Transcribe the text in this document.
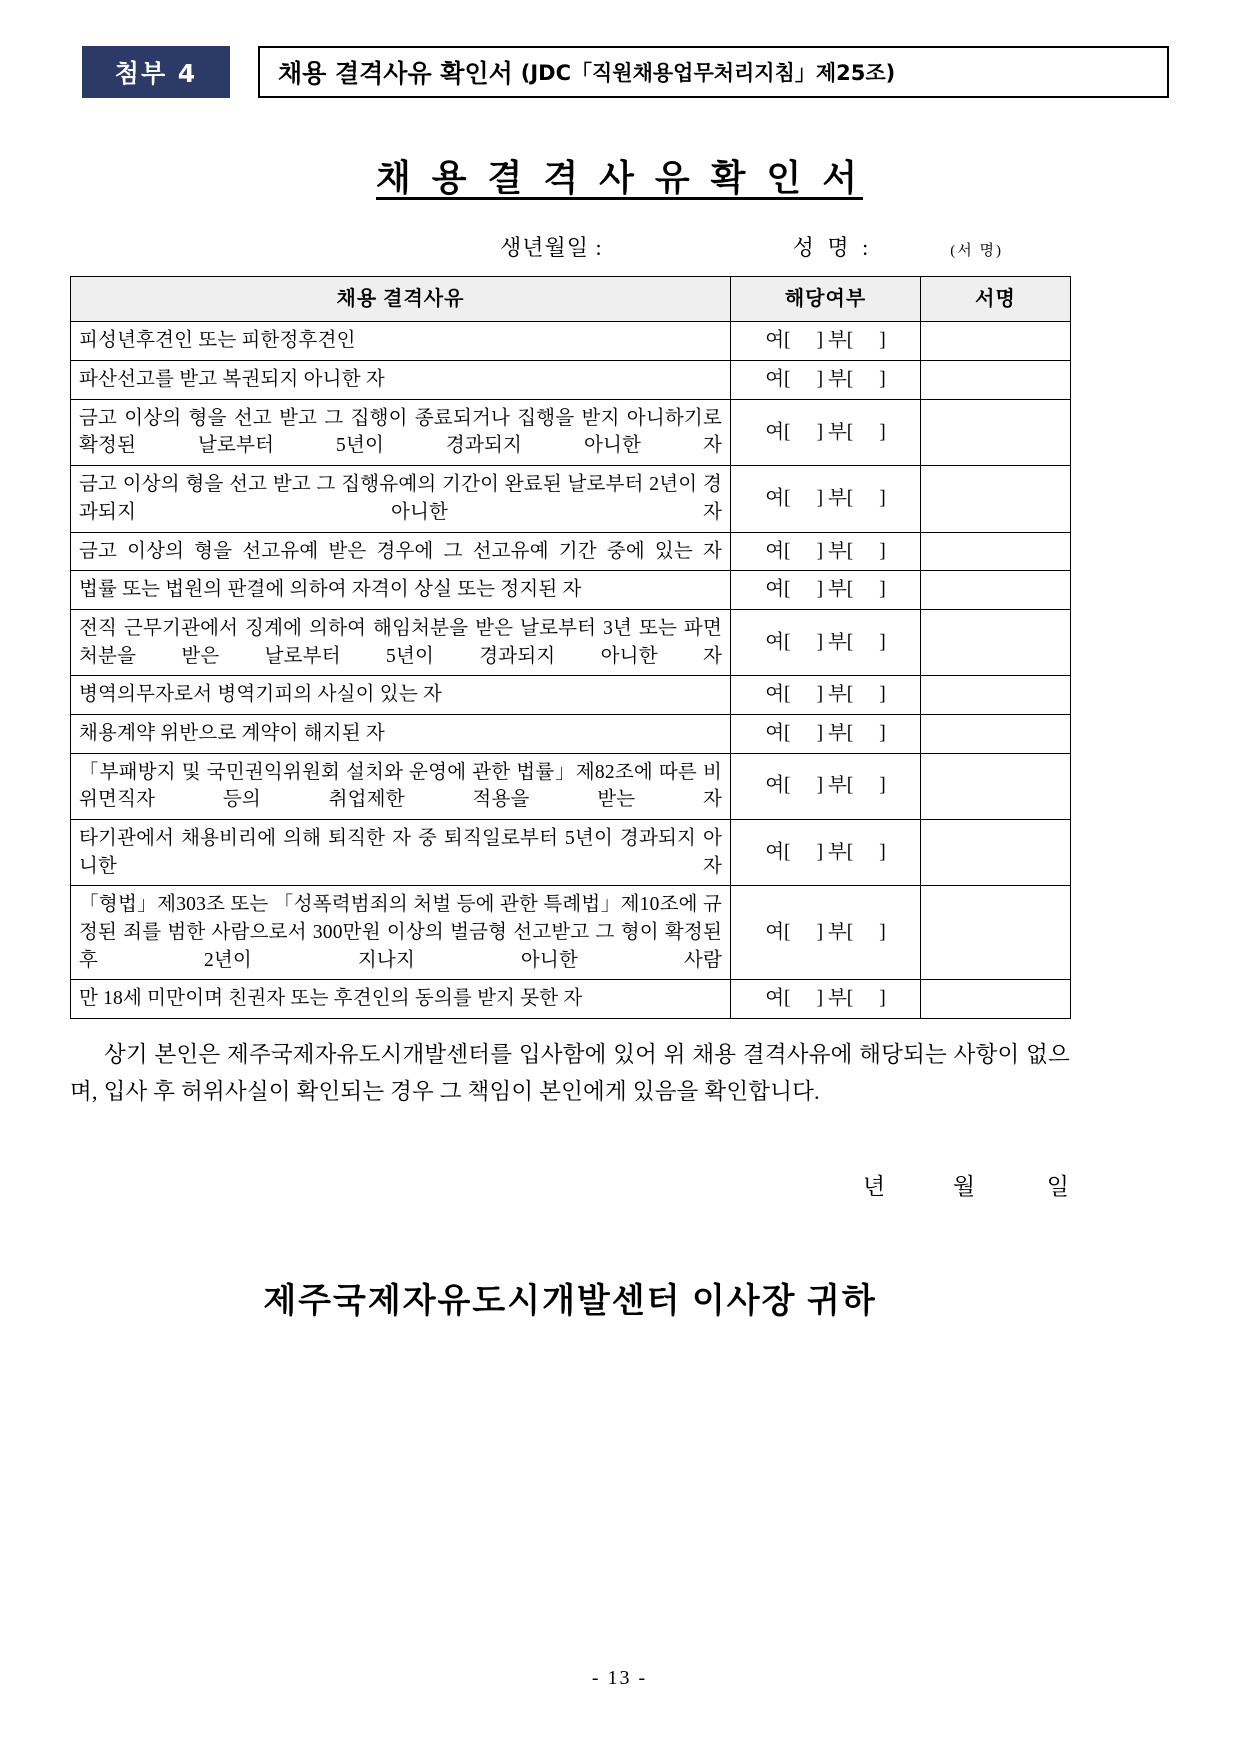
첨부 4	채용 결격사유 확인서 (JDC「직원채용업무처리지침」제25조)
채 용 결 격 사 유 확 인 서
생년월일 :	성 명 :	(서 명)
채용 결격사유	해당여부	서명
피성년후견인 또는 피한정후견인	여[ ] 부[ ]	
파산선고를 받고 복권되지 아니한 자	여[ ] 부[ ]	
금고 이상의 형을 선고 받고 그 집행이 종료되거나 집행을 받지 아니하기로 확정된 날로부터 5년이 경과되지 아니한 자	여[ ] 부[ ]	
금고 이상의 형을 선고 받고 그 집행유예의 기간이 완료된 날로부터 2년이 경과되지 아니한 자	여[ ] 부[ ]	
금고 이상의 형을 선고유예 받은 경우에 그 선고유예 기간 중에 있는 자	여[ ] 부[ ]	
법률 또는 법원의 판결에 의하여 자격이 상실 또는 정지된 자	여[ ] 부[ ]	
전직 근무기관에서 징계에 의하여 해임처분을 받은 날로부터 3년 또는 파면처분을 받은 날로부터 5년이 경과되지 아니한 자	여[ ] 부[ ]	
병역의무자로서 병역기피의 사실이 있는 자	여[ ] 부[ ]	
채용계약 위반으로 계약이 해지된 자	여[ ] 부[ ]	
「부패방지 및 국민권익위원회 설치와 운영에 관한 법률」제82조에 따른 비위면직자 등의 취업제한 적용을 받는 자	여[ ] 부[ ]	
타기관에서 채용비리에 의해 퇴직한 자 중 퇴직일로부터 5년이 경과되지 아니한 자	여[ ] 부[ ]	
「형법」제303조 또는 「성폭력범죄의 처벌 등에 관한 특례법」제10조에 규정된 죄를 범한 사람으로서 300만원 이상의 벌금형 선고받고 그 형이 확정된 후 2년이 지나지 아니한 사람	여[ ] 부[ ]	
만 18세 미만이며 친권자 또는 후견인의 동의를 받지 못한 자	여[ ] 부[ ]	
상기 본인은 제주국제자유도시개발센터를 입사함에 있어 위 채용 결격사유에 해당되는 사항이 없으며, 입사 후 허위사실이 확인되는 경우 그 책임이 본인에게 있음을 확인합니다.
년	월	일
제주국제자유도시개발센터 이사장 귀하
- 13 -
